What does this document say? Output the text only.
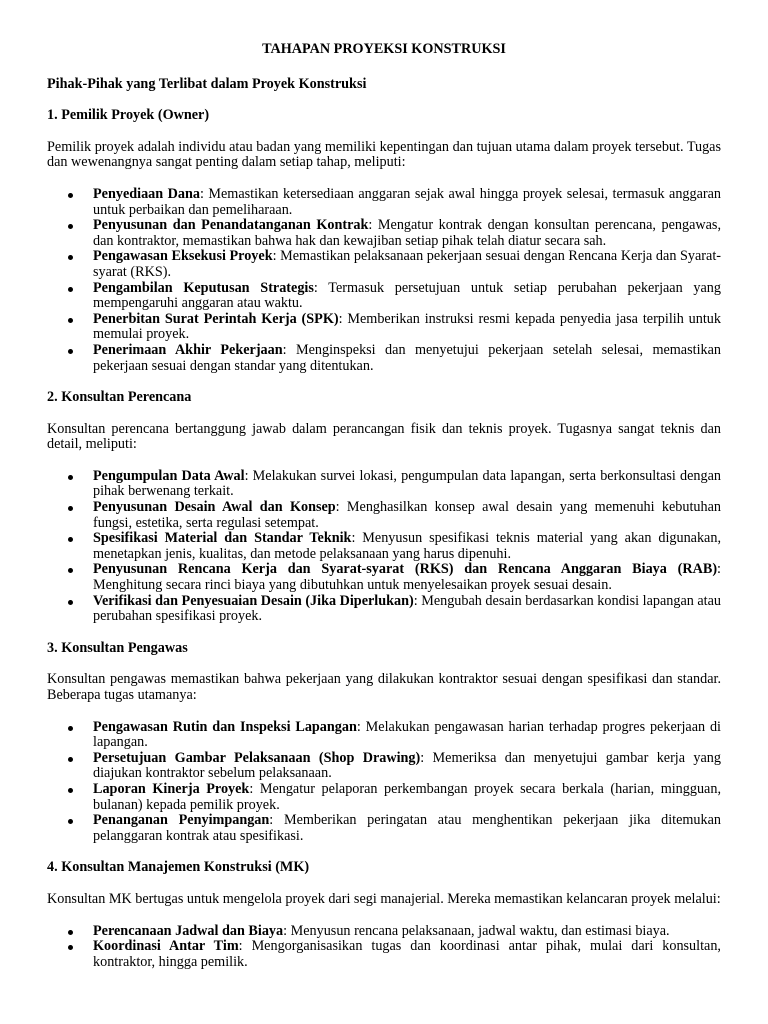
TAHAPAN PROYEKSI KONSTRUKSI
Pihak-Pihak yang Terlibat dalam Proyek Konstruksi
1. Pemilik Proyek (Owner)
Pemilik proyek adalah individu atau badan yang memiliki kepentingan dan tujuan utama dalam proyek tersebut. Tugas dan wewenangnya sangat penting dalam setiap tahap, meliputi:
Penyediaan Dana: Memastikan ketersediaan anggaran sejak awal hingga proyek selesai, termasuk anggaran untuk perbaikan dan pemeliharaan.
Penyusunan dan Penandatanganan Kontrak: Mengatur kontrak dengan konsultan perencana, pengawas, dan kontraktor, memastikan bahwa hak dan kewajiban setiap pihak telah diatur secara sah.
Pengawasan Eksekusi Proyek: Memastikan pelaksanaan pekerjaan sesuai dengan Rencana Kerja dan Syarat-syarat (RKS).
Pengambilan Keputusan Strategis: Termasuk persetujuan untuk setiap perubahan pekerjaan yang mempengaruhi anggaran atau waktu.
Penerbitan Surat Perintah Kerja (SPK): Memberikan instruksi resmi kepada penyedia jasa terpilih untuk memulai proyek.
Penerimaan Akhir Pekerjaan: Menginspeksi dan menyetujui pekerjaan setelah selesai, memastikan pekerjaan sesuai dengan standar yang ditentukan.
2. Konsultan Perencana
Konsultan perencana bertanggung jawab dalam perancangan fisik dan teknis proyek. Tugasnya sangat teknis dan detail, meliputi:
Pengumpulan Data Awal: Melakukan survei lokasi, pengumpulan data lapangan, serta berkonsultasi dengan pihak berwenang terkait.
Penyusunan Desain Awal dan Konsep: Menghasilkan konsep awal desain yang memenuhi kebutuhan fungsi, estetika, serta regulasi setempat.
Spesifikasi Material dan Standar Teknik: Menyusun spesifikasi teknis material yang akan digunakan, menetapkan jenis, kualitas, dan metode pelaksanaan yang harus dipenuhi.
Penyusunan Rencana Kerja dan Syarat-syarat (RKS) dan Rencana Anggaran Biaya (RAB): Menghitung secara rinci biaya yang dibutuhkan untuk menyelesaikan proyek sesuai desain.
Verifikasi dan Penyesuaian Desain (Jika Diperlukan): Mengubah desain berdasarkan kondisi lapangan atau perubahan spesifikasi proyek.
3. Konsultan Pengawas
Konsultan pengawas memastikan bahwa pekerjaan yang dilakukan kontraktor sesuai dengan spesifikasi dan standar. Beberapa tugas utamanya:
Pengawasan Rutin dan Inspeksi Lapangan: Melakukan pengawasan harian terhadap progres pekerjaan di lapangan.
Persetujuan Gambar Pelaksanaan (Shop Drawing): Memeriksa dan menyetujui gambar kerja yang diajukan kontraktor sebelum pelaksanaan.
Laporan Kinerja Proyek: Mengatur pelaporan perkembangan proyek secara berkala (harian, mingguan, bulanan) kepada pemilik proyek.
Penanganan Penyimpangan: Memberikan peringatan atau menghentikan pekerjaan jika ditemukan pelanggaran kontrak atau spesifikasi.
4. Konsultan Manajemen Konstruksi (MK)
Konsultan MK bertugas untuk mengelola proyek dari segi manajerial. Mereka memastikan kelancaran proyek melalui:
Perencanaan Jadwal dan Biaya: Menyusun rencana pelaksanaan, jadwal waktu, dan estimasi biaya.
Koordinasi Antar Tim: Mengorganisasikan tugas dan koordinasi antar pihak, mulai dari konsultan, kontraktor, hingga pemilik.
